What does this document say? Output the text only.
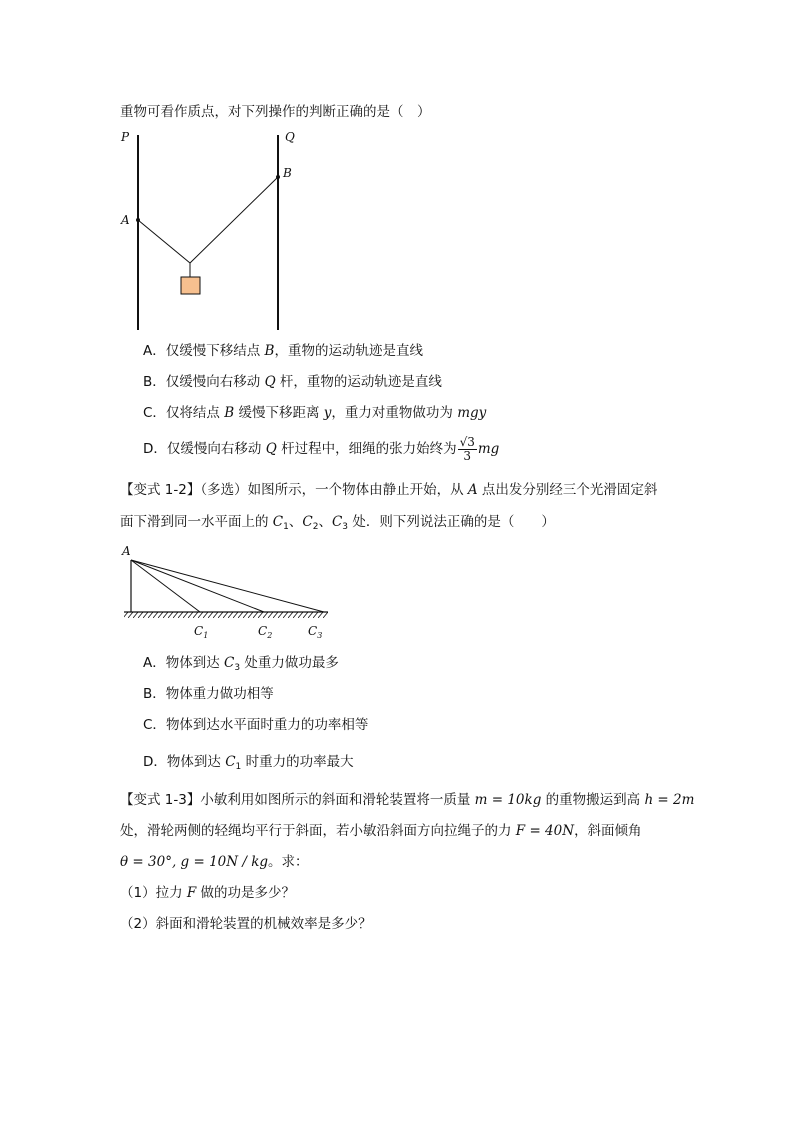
重物可看作质点，对下列操作的判断正确的是（　）
P	Q
A
B
A．仅缓慢下移结点 B，重物的运动轨迹是直线
B．仅缓慢向右移动 Q 杆，重物的运动轨迹是直线
C．仅将结点 B 缓慢下移距离 y，重力对重物做功为 mgy
D．仅缓慢向右移动 Q 杆过程中，细绳的张力始终为 $\frac{√3}{3}$ mg
【变式 1-2】（多选）如图所示，一个物体由静止开始，从 A 点出发分别经三个光滑固定斜
面下滑到同一水平面上的 $C_1$、$C_2$、$C_3$ 处．则下列说法正确的是（　　）
A
$C_1$	$C_2$	$C_3$
A．物体到达 $C_3$ 处重力做功最多
B．物体重力做功相等
C．物体到达水平面时重力的功率相等
D．物体到达 $C_1$ 时重力的功率最大
【变式 1-3】小敏利用如图所示的斜面和滑轮装置将一质量 m = 10kg 的重物搬运到高 h = 2m
处，滑轮两侧的轻绳均平行于斜面，若小敏沿斜面方向拉绳子的力 F = 40N，斜面倾角
θ = 30°, g = 10N / kg。求：
（1）拉力 F 做的功是多少？
（2）斜面和滑轮装置的机械效率是多少？
